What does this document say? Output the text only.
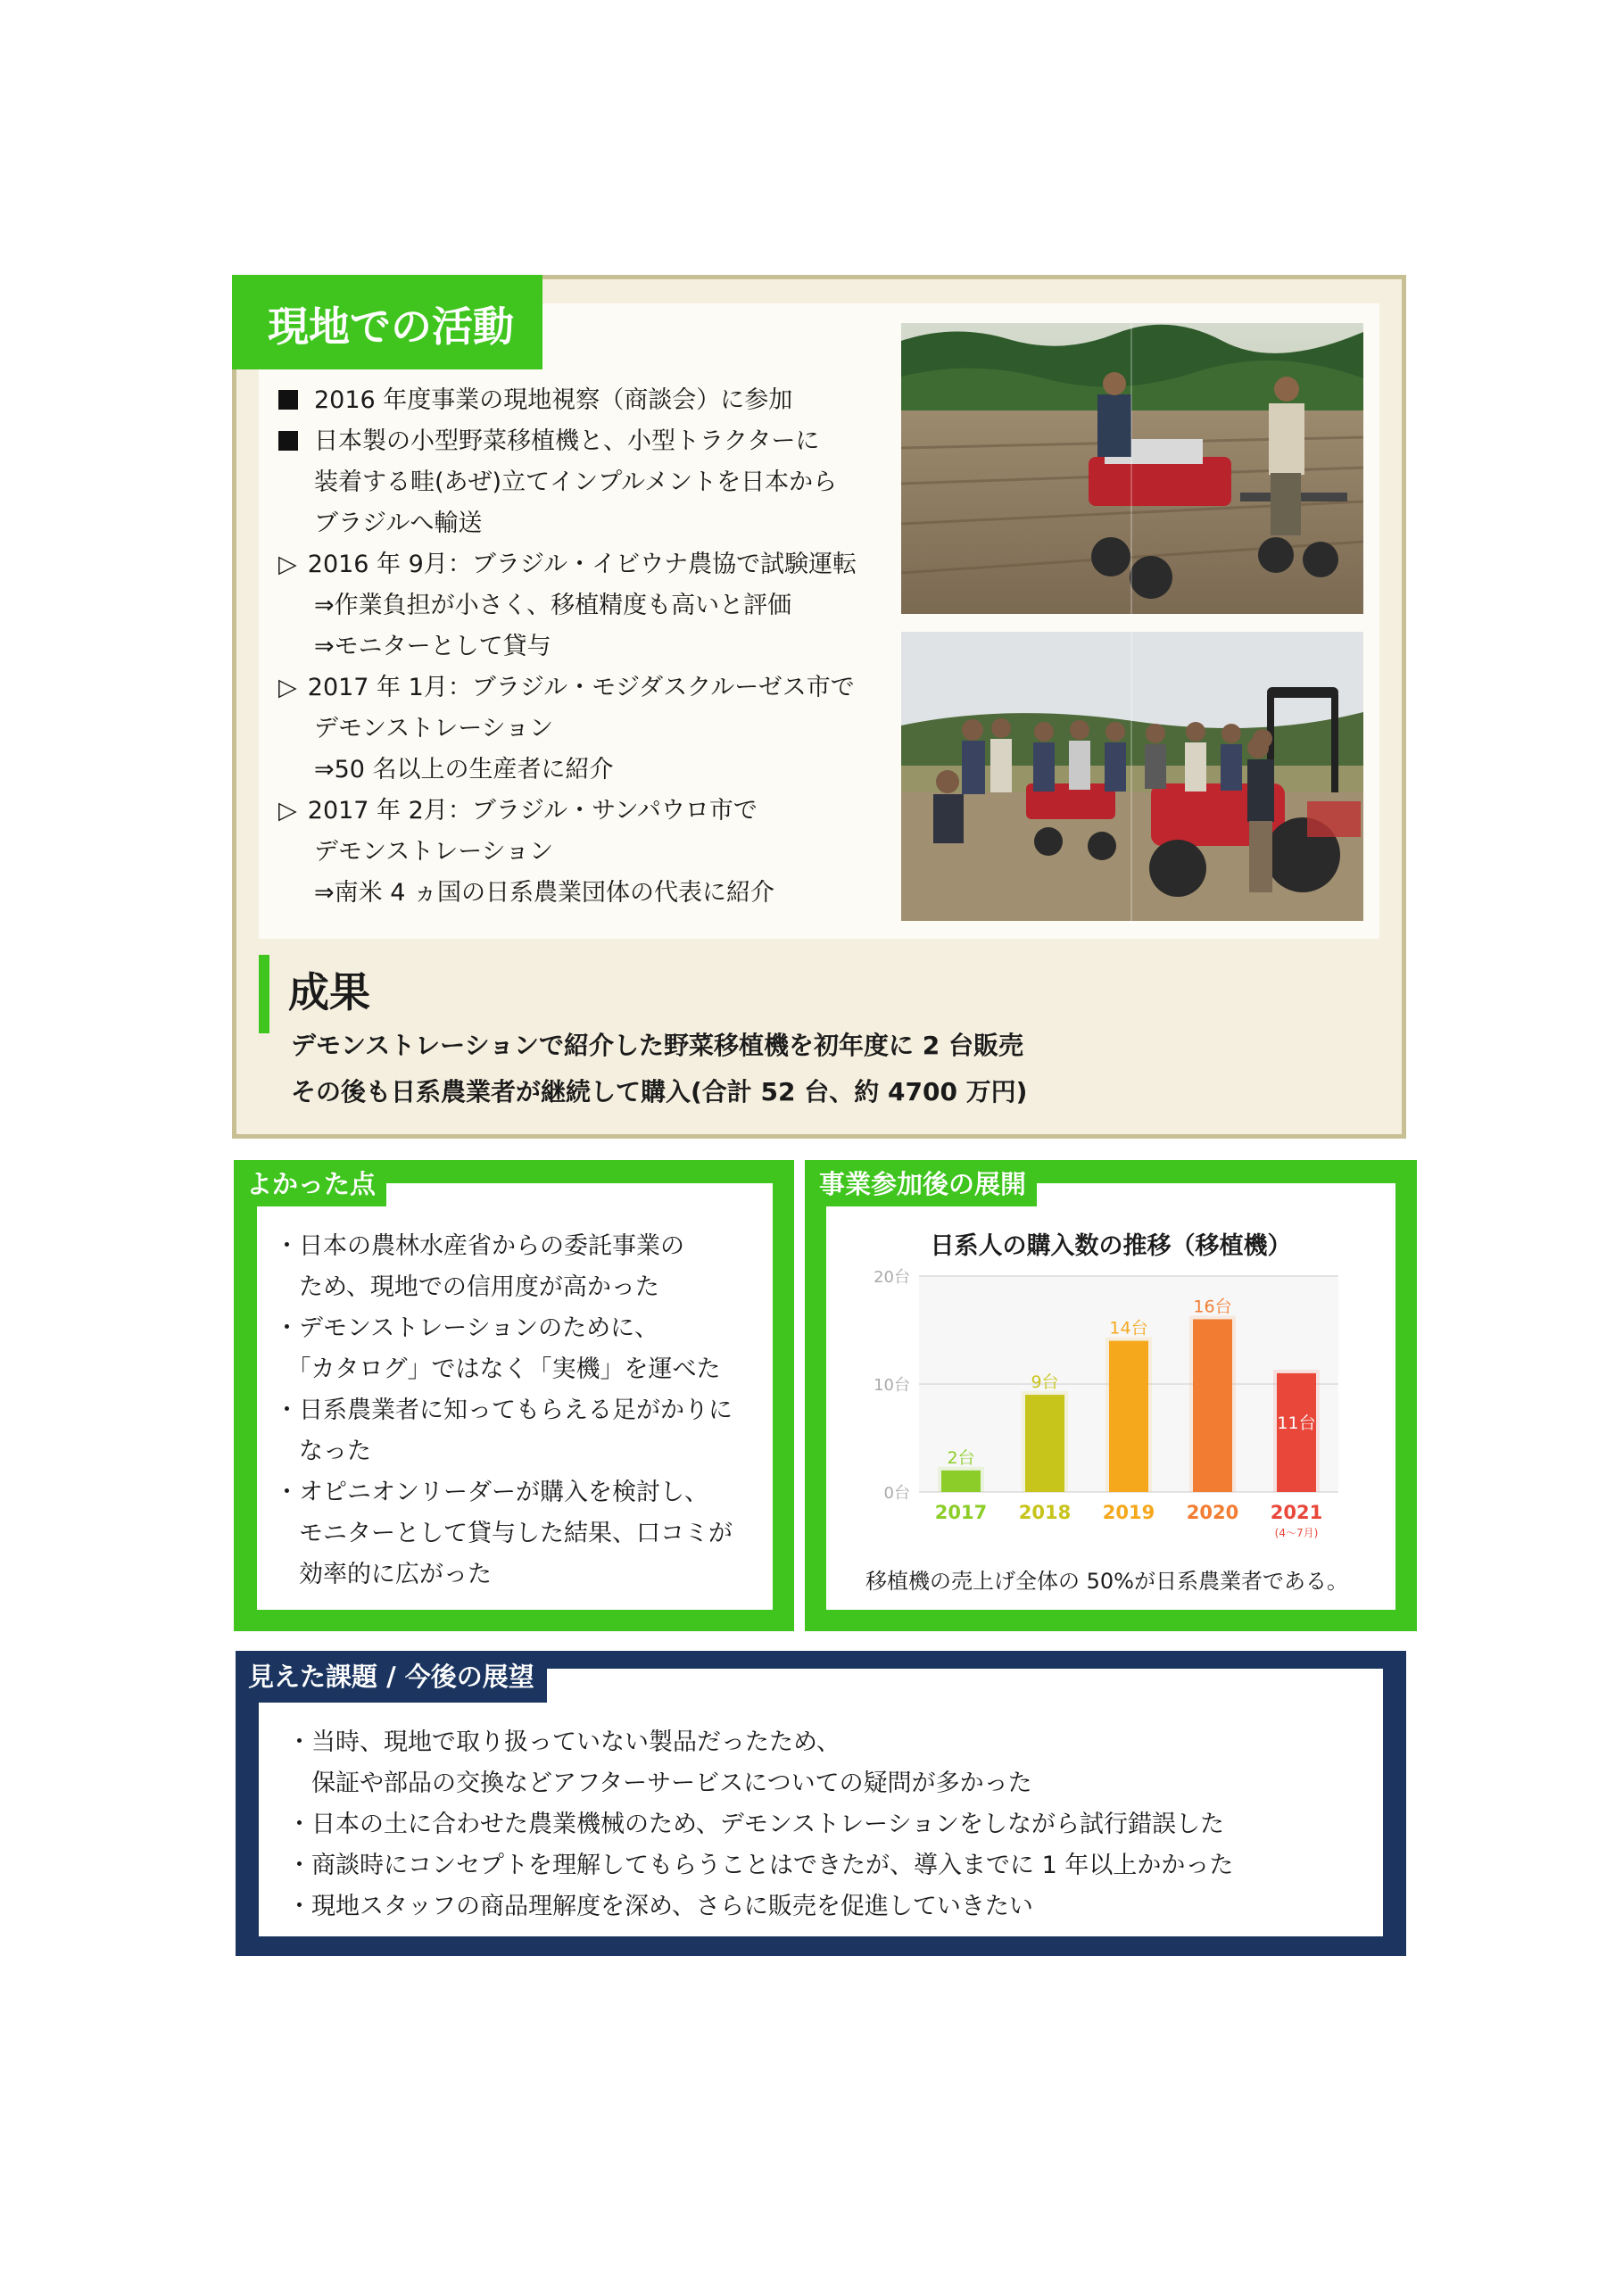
現地での活動
2016 年度事業の現地視察（商談会）に参加
日本製の小型野菜移植機と、小型トラクターに
装着する畦(あぜ)立てインプルメントを日本から
ブラジルへ輸送
▷ 2016 年 9月：ブラジル・イビウナ農協で試験運転
⇒作業負担が小さく、移植精度も高いと評価
⇒モニターとして貸与
▷ 2017 年 1月：ブラジル・モジダスクルーゼス市で
デモンストレーション
⇒50 名以上の生産者に紹介
▷ 2017 年 2月：ブラジル・サンパウロ市で
デモンストレーション
⇒南米 4 ヵ国の日系農業団体の代表に紹介
成果
デモンストレーションで紹介した野菜移植機を初年度に 2 台販売
その後も日系農業者が継続して購入(合計 52 台、約 4700 万円)
よかった点
・日本の農林水産省からの委託事業の
　ため、現地での信用度が高かった
・デモンストレーションのために、
　「カタログ」ではなく「実機」を運べた
・日系農業者に知ってもらえる足がかりに
　なった
・オピニオンリーダーが購入を検討し、
　モニターとして貸与した結果、口コミが
　効率的に広がった
事業参加後の展開
日系人の購入数の推移（移植機）
0台
10台
20台
2台
2017
9台
2018
14台
2019
16台
2020
11台
2021
(4～7月)
移植機の売上げ全体の 50%が日系農業者である。
見えた課題 / 今後の展望
・当時、現地で取り扱っていない製品だったため、
　保証や部品の交換などアフターサービスについての疑問が多かった
・日本の土に合わせた農業機械のため、デモンストレーションをしながら試行錯誤した
・商談時にコンセプトを理解してもらうことはできたが、導入までに 1 年以上かかった
・現地スタッフの商品理解度を深め、さらに販売を促進していきたい
